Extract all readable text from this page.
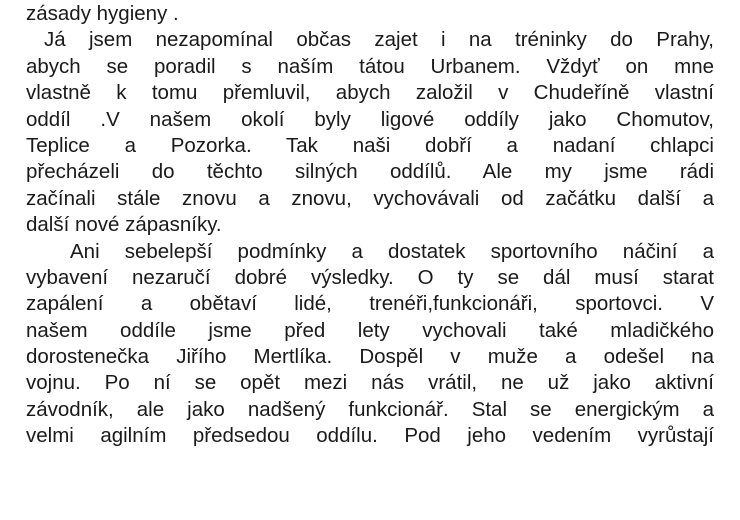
zásady hygieny .
Já jsem nezapomínal občas zajet i na tréninky do Prahy,
abych se poradil s naším tátou Urbanem. Vždyť on mne
vlastně k tomu přemluvil, abych založil v Chudeříně vlastní
oddíl .V našem okolí byly ligové oddíly jako Chomutov,
Teplice a Pozorka. Tak naši dobří a nadaní chlapci
přecházeli do těchto silných oddílů. Ale my jsme rádi
začínali stále znovu a znovu, vychovávali od začátku další a
další nové zápasníky.
Ani sebelepší podmínky a dostatek sportovního náčiní a
vybavení nezaručí dobré výsledky. O ty se dál musí starat
zapálení a obětaví lidé, trenéři,funkcionáři, sportovci. V
našem oddíle jsme před lety vychovali také mladičkého
dorostenečka Jiřího Mertlíka. Dospěl v muže a odešel na
vojnu. Po ní se opět mezi nás vrátil, ne už jako aktivní
závodník, ale jako nadšený funkcionář. Stal se energickým a
velmi agilním předsedou oddílu. Pod jeho vedením vyrůstají
